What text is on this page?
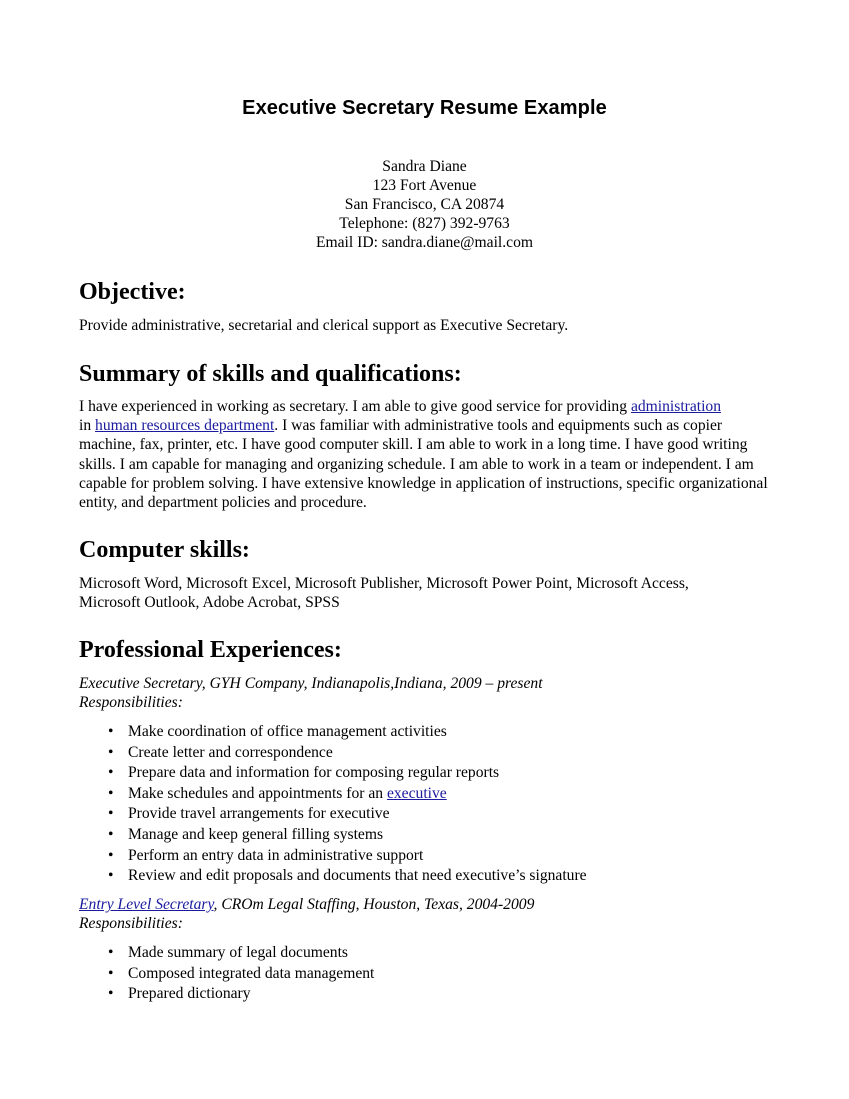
Executive Secretary Resume Example
Sandra Diane
123 Fort Avenue
San Francisco, CA 20874
Telephone: (827) 392-9763
Email ID: sandra.diane@mail.com
Objective:
Provide administrative, secretarial and clerical support as Executive Secretary.
Summary of skills and qualifications:
I have experienced in working as secretary. I am able to give good service for providing administration
in human resources department. I was familiar with administrative tools and equipments such as copier machine, fax, printer, etc. I have good computer skill. I am able to work in a long time. I have good writing skills. I am capable for managing and organizing schedule. I am able to work in a team or independent. I am capable for problem solving. I have extensive knowledge in application of instructions, specific organizational entity, and department policies and procedure.
Computer skills:
Microsoft Word, Microsoft Excel, Microsoft Publisher, Microsoft Power Point, Microsoft Access,
Microsoft Outlook, Adobe Acrobat, SPSS
Professional Experiences:
Executive Secretary, GYH Company, Indianapolis,Indiana, 2009 – present
Responsibilities:
• Make coordination of office management activities
• Create letter and correspondence
• Prepare data and information for composing regular reports
• Make schedules and appointments for an executive
• Provide travel arrangements for executive
• Manage and keep general filling systems
• Perform an entry data in administrative support
• Review and edit proposals and documents that need executive’s signature
Entry Level Secretary, CROm Legal Staffing, Houston, Texas, 2004-2009
Responsibilities:
• Made summary of legal documents
• Composed integrated data management
• Prepared dictionary
